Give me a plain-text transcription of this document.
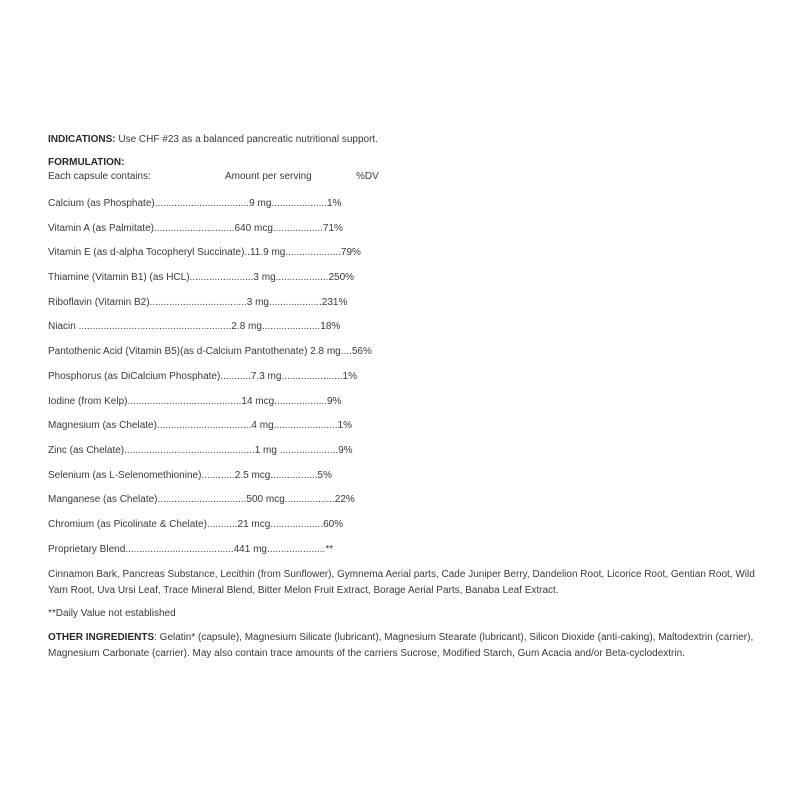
INDICATIONS: Use CHF #23 as a balanced pancreatic nutritional support.
FORMULATION:
Each capsule contains:	Amount per serving	%DV
Calcium (as Phosphate)..................................9 mg....................1%
Vitamin A (as Palmitate).............................640 mcg..................71%
Vitamin E (as d-alpha Tocopheryl Succinate)..11.9 mg....................79%
Thiamine (Vitamin B1) (as HCL).......................3 mg...................250%
Riboflavin (Vitamin B2)...................................3 mg...................231%
Niacin .......................................................2.8 mg.....................18%
Pantothenic Acid (Vitamin B5)(as d-Calcium Pantothenate) 2.8 mg....56%
Phosphorus (as DiCalcium Phosphate)...........7.3 mg......................1%
Iodine (from Kelp).........................................14 mcg...................9%
Magnesium (as Chelate)..................................4 mg.......................1%
Zinc (as Chelate)...............................................1 mg .....................9%
Selenium (as L-Selenomethionine)............2.5 mcg.................5%
Manganese (as Chelate)................................500 mcg..................22%
Chromium (as Picolinate & Chelate)...........21 mcg...................60%
Proprietary Blend.......................................441 mg.....................**
Cinnamon Bark, Pancreas Substance, Lecithin (from Sunflower), Gymnema Aerial parts, Cade Juniper Berry, Dandelion Root, Licorice Root, Gentian Root, Wild Yam Root, Uva Ursi Leaf, Trace Mineral Blend, Bitter Melon Fruit Extract, Borage Aerial Parts, Banaba Leaf Extract.
**Daily Value not established
OTHER INGREDIENTS: Gelatin* (capsule), Magnesium Silicate (lubricant), Magnesium Stearate (lubricant), Silicon Dioxide (anti-caking), Maltodextrin (carrier), Magnesium Carbonate (carrier). May also contain trace amounts of the carriers Sucrose, Modified Starch, Gum Acacia and/or Beta-cyclodextrin.
